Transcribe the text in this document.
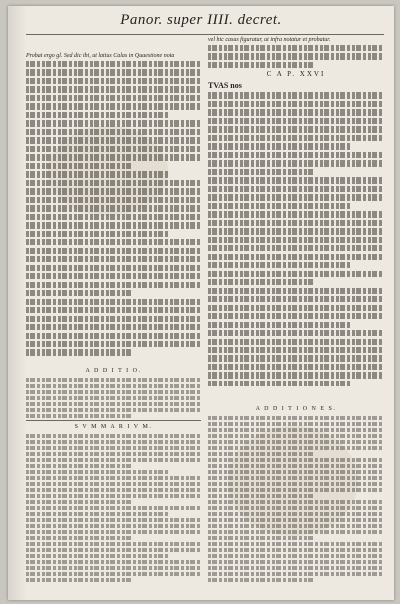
Panor. super IIII. decret.
Probat ergo gl. Sed dic ibi, ut latius Calas in Quaestione nota
vel hic casus figuratur, ut infra notatur et probatur.
C A P. XXVI
TVAS nos
A D D I T I O.
S V M M A R I V M.
A D D I T I O N E S.
